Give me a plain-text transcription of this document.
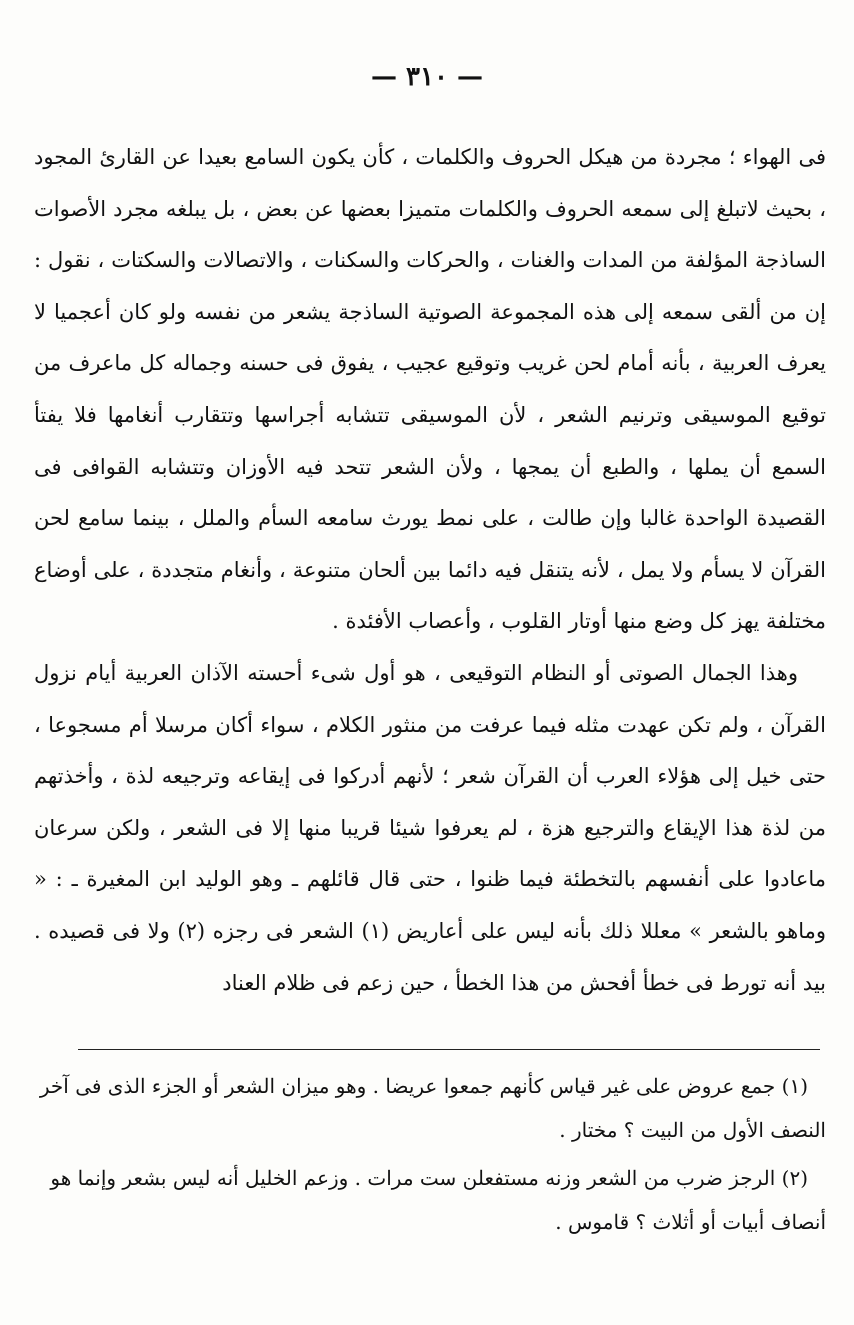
— ٣١٠ —

فى الهواء ؛ مجردة من هيكل الحروف والكلمات ، كأن يكون السامع بعيدا عن القارئ المجود ، بحيث لاتبلغ إلى سمعه الحروف والكلمات متميزا بعضها عن بعض ، بل يبلغه مجرد الأصوات الساذجة المؤلفة من المدات والغنات ، والحركات والسكنات ، والاتصالات والسكتات ، نقول : إن من ألقى سمعه إلى هذه المجموعة الصوتية الساذجة يشعر من نفسه ولو كان أعجميا لا يعرف العربية ، بأنه أمام لحن غريب وتوقيع عجيب ، يفوق فى حسنه وجماله كل ماعرف من توقيع الموسيقى وترنيم الشعر ، لأن الموسيقى تتشابه أجراسها وتتقارب أنغامها فلا يفتأ السمع أن يملها ، والطبع أن يمجها ، ولأن الشعر تتحد فيه الأوزان وتتشابه القوافى فى القصيدة الواحدة غالبا وإن طالت ، على نمط يورث سامعه السأم والملل ، بينما سامع لحن القرآن لا يسأم ولا يمل ، لأنه يتنقل فيه دائما بين ألحان متنوعة ، وأنغام متجددة ، على أوضاع مختلفة يهز كل وضع منها أوتار القلوب ، وأعصاب الأفئدة .

وهذا الجمال الصوتى أو النظام التوقيعى ، هو أول شىء أحسته الآذان العربية أيام نزول القرآن ، ولم تكن عهدت مثله فيما عرفت من منثور الكلام ، سواء أكان مرسلا أم مسجوعا ، حتى خيل إلى هؤلاء العرب أن القرآن شعر ؛ لأنهم أدركوا فى إيقاعه وترجيعه لذة ، وأخذتهم من لذة هذا الإيقاع والترجيع هزة ، لم يعرفوا شيئا قريبا منها إلا فى الشعر ، ولكن سرعان ماعادوا على أنفسهم بالتخطئة فيما ظنوا ، حتى قال قائلهم ـ وهو الوليد ابن المغيرة ـ : « وماهو بالشعر » معللا ذلك بأنه ليس على أعاريض (١) الشعر فى رجزه (٢) ولا فى قصيده . بيد أنه تورط فى خطأ أفحش من هذا الخطأ ، حين زعم فى ظلام العناد

(١) جمع عروض على غير قياس كأنهم جمعوا عريضا . وهو ميزان الشعر أو الجزء الذى فى آخر النصف الأول من البيت ؟ مختار .

(٢) الرجز ضرب من الشعر وزنه مستفعلن ست مرات . وزعم الخليل أنه ليس بشعر وإنما هو أنصاف أبيات أو أثلاث ؟ قاموس .
